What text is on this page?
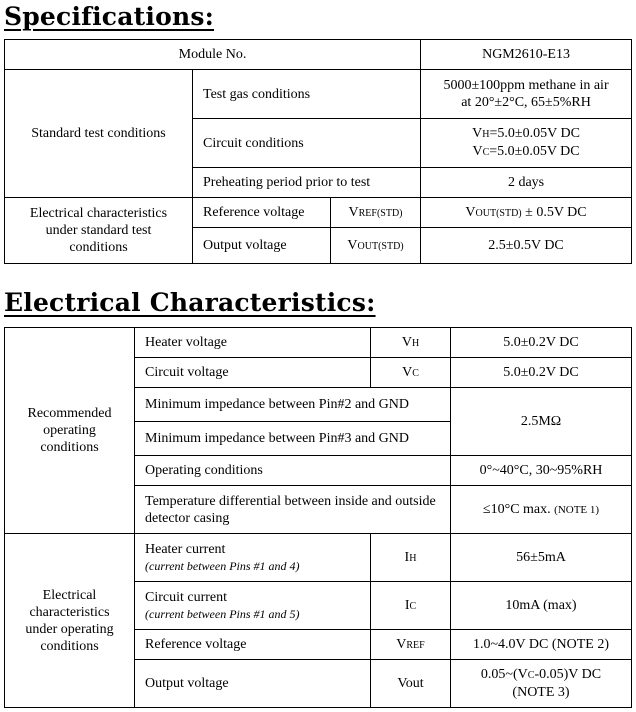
Specifications:
Module No.			NGM2610-E13
Standard test conditions	Test gas conditions		5000±100ppm methane in air
at 20°±2°C, 65±5%RH

	Circuit conditions		VH=5.0±0.05V DC
VC=5.0±0.05V DC

	Preheating period prior to test		2 days
Electrical characteristics under standard test conditions	Reference voltage	VREF(STD)	VOUT(STD) ± 0.5V DC
	Output voltage	VOUT(STD)	2.5±0.5V DC
Electrical Characteristics:
Recommended operating conditions	Heater voltage	VH	5.0±0.2V DC
	Circuit voltage	VC	5.0±0.2V DC
	Minimum impedance between Pin#2 and GND		2.5MΩ
	Minimum impedance between Pin#3 and GND		
	Operating conditions		0°~40°C, 30~95%RH
	Temperature differential between inside and outside detector casing		≤10°C max. (NOTE 1)
Electrical characteristics under operating conditions	Heater current
(current between Pins #1 and 4)	IH	56±5mA

	Circuit current
(current between Pins #1 and 5)	IC	10mA (max)
	Reference voltage	VREF	1.0~4.0V DC (NOTE 2)
	Output voltage	Vout	0.05~(VC-0.05)V DC
(NOTE 3)
